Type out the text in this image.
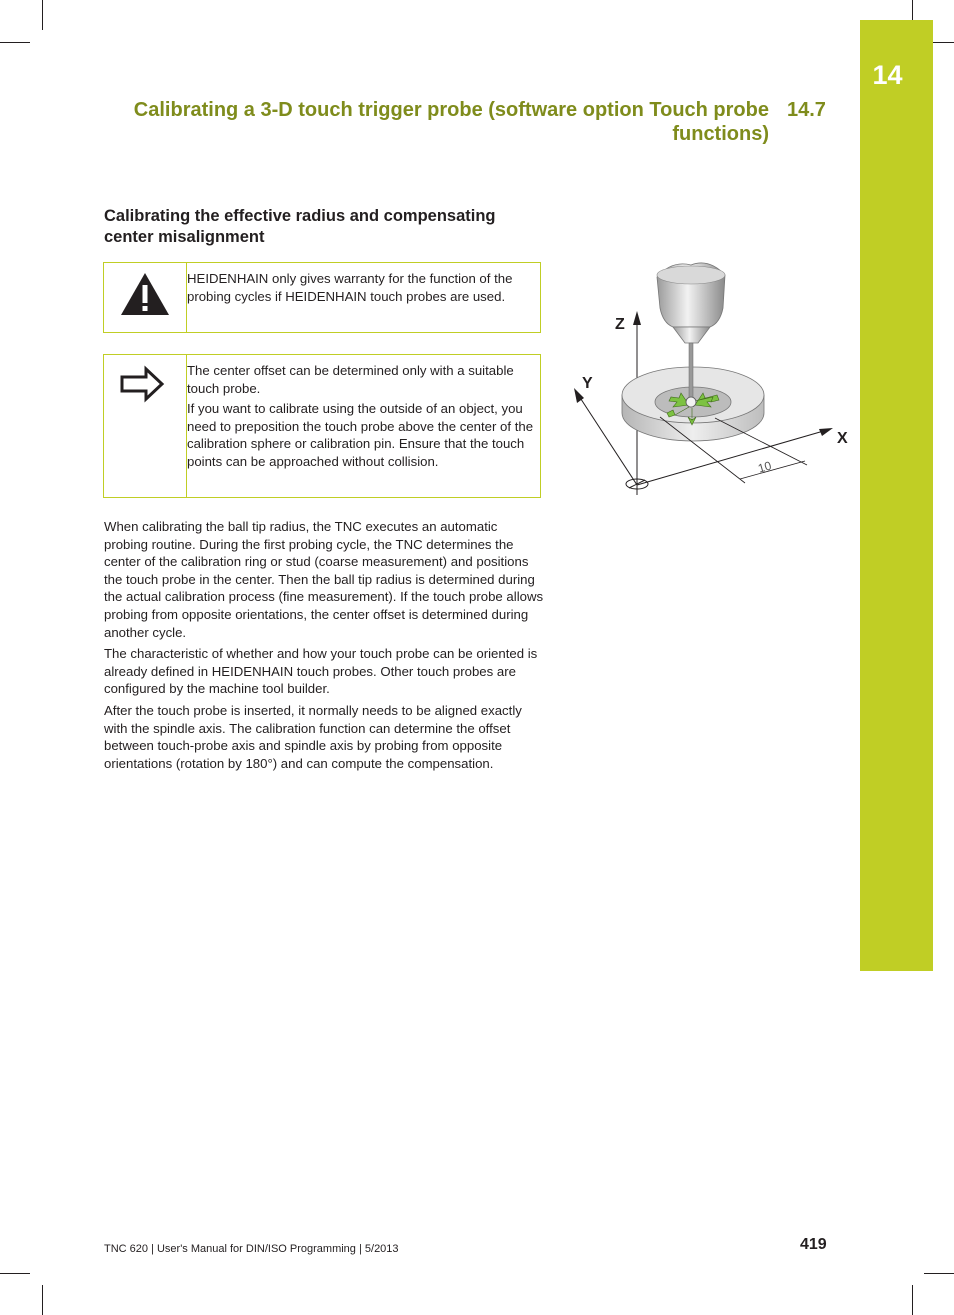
14
Calibrating a 3-D touch trigger probe (software option Touch probe
functions)
14.7
Calibrating the effective radius and compensating center misalignment

HEIDENHAIN only gives warranty for the function of the probing cycles if HEIDENHAIN touch probes are used.

The center offset can be determined only with a suitable touch probe.

If you want to calibrate using the outside of an object, you need to preposition the touch probe above the center of the calibration sphere or calibration pin. Ensure that the touch points can be approached without collision.

When calibrating the ball tip radius, the TNC executes an automatic probing routine. During the first probing cycle, the TNC determines the center of the calibration ring or stud (coarse measurement) and positions the touch probe in the center. Then the ball tip radius is determined during the actual calibration process (fine measurement). If the touch probe allows probing from opposite orientations, the center offset is determined during another cycle.

The characteristic of whether and how your touch probe can be oriented is already defined in HEIDENHAIN touch probes. Other touch probes are configured by the machine tool builder.

After the touch probe is inserted, it normally needs to be aligned exactly with the spindle axis. The calibration function can determine the offset between touch-probe axis and spindle axis by probing from opposite orientations (rotation by 180°) and can compute the compensation.

10
Z
Y
X
TNC 620 | User's Manual for DIN/ISO Programming | 5/2013	419
